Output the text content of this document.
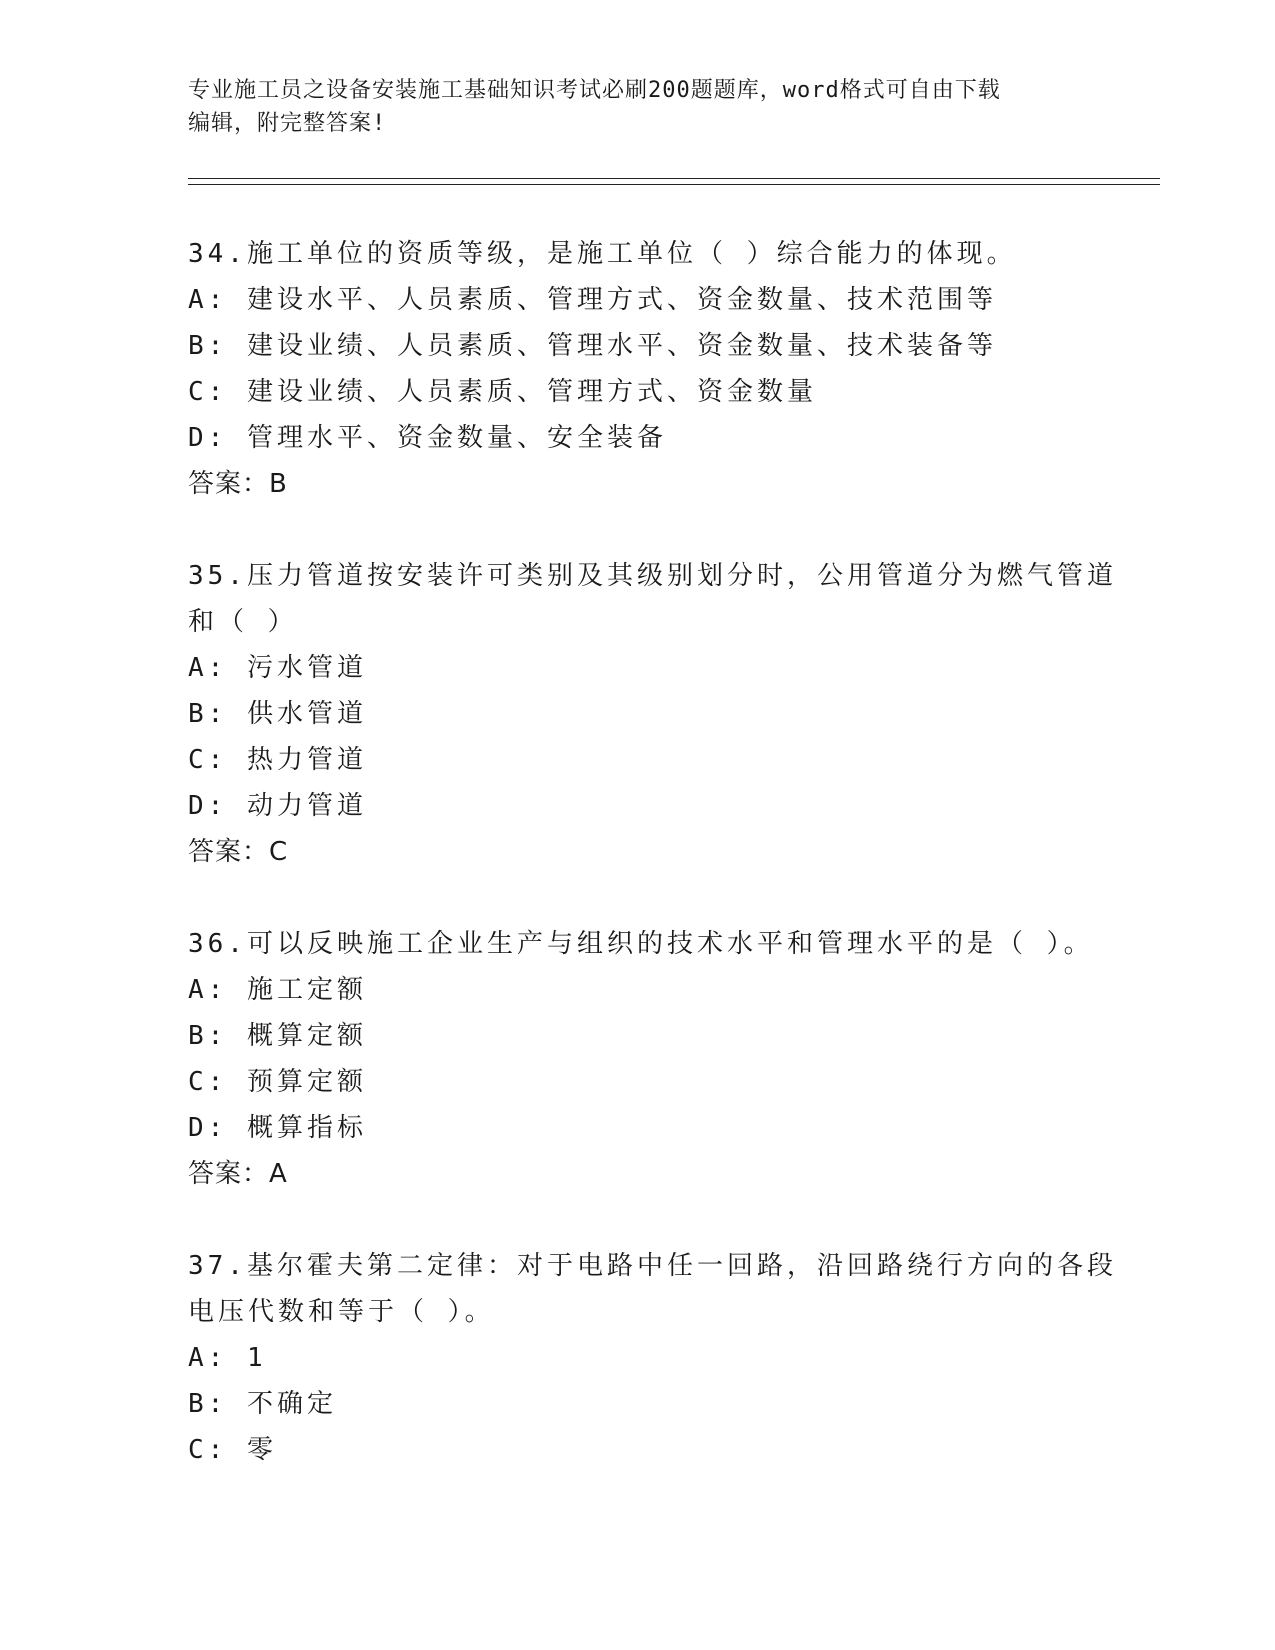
专业施工员之设备安装施工基础知识考试必刷200题题库，word格式可自由下载
编辑，附完整答案!
34.施工单位的资质等级，是施工单位（ ）综合能力的体现。
A: 建设水平、人员素质、管理方式、资金数量、技术范围等
B: 建设业绩、人员素质、管理水平、资金数量、技术装备等
C: 建设业绩、人员素质、管理方式、资金数量
D: 管理水平、资金数量、安全装备
答案：B
35.压力管道按安装许可类别及其级别划分时，公用管道分为燃气管道
和（ ）
A: 污水管道
B: 供水管道
C: 热力管道
D: 动力管道
答案：C
36.可以反映施工企业生产与组织的技术水平和管理水平的是（ ）。
A: 施工定额
B: 概算定额
C: 预算定额
D: 概算指标
答案：A
37.基尔霍夫第二定律：对于电路中任一回路，沿回路绕行方向的各段
电压代数和等于（ ）。
A: 1
B: 不确定
C: 零
